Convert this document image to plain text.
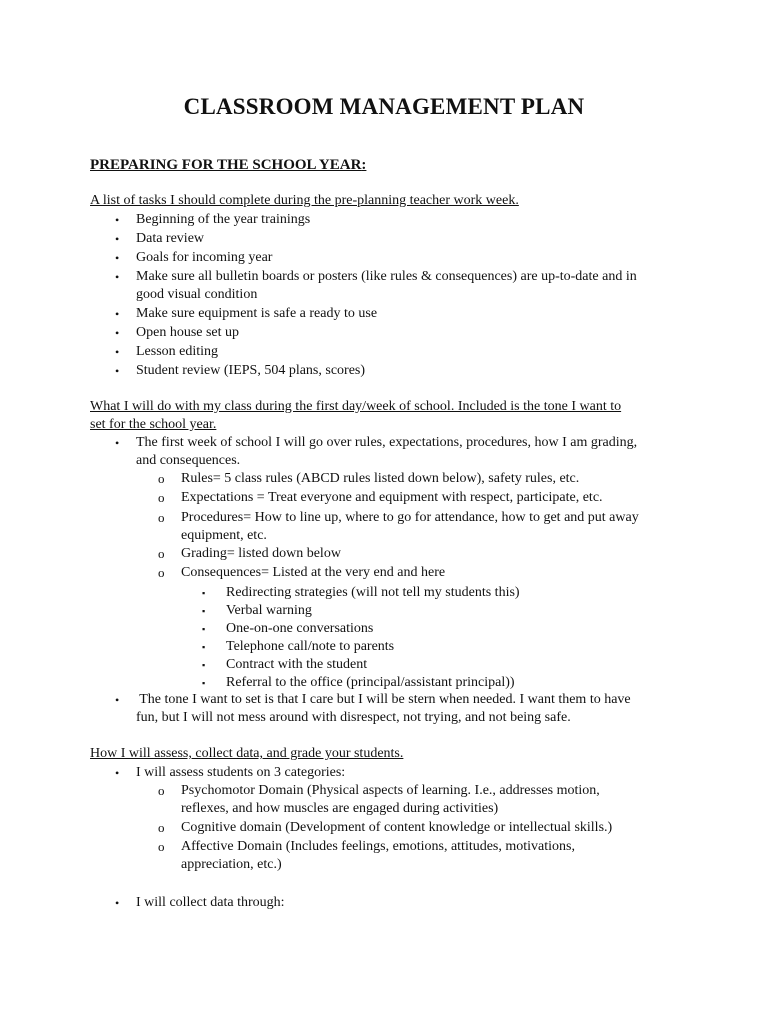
CLASSROOM MANAGEMENT PLAN
PREPARING FOR THE SCHOOL YEAR:
A list of tasks I should complete during the pre-planning teacher work week.
• Beginning of the year trainings
• Data review
• Goals for incoming year
• Make sure all bulletin boards or posters (like rules & consequences) are up-to-date and in
good visual condition
• Make sure equipment is safe a ready to use
• Open house set up
• Lesson editing
• Student review (IEPS, 504 plans, scores)
What I will do with my class during the first day/week of school. Included is the tone I want to
set for the school year.
• The first week of school I will go over rules, expectations, procedures, how I am grading,
and consequences.
o Rules= 5 class rules (ABCD rules listed down below), safety rules, etc.
o Expectations = Treat everyone and equipment with respect, participate, etc.
o Procedures= How to line up, where to go for attendance, how to get and put away
equipment, etc.
o Grading= listed down below
o Consequences= Listed at the very end and here
▪ Redirecting strategies (will not tell my students this)
▪ Verbal warning
▪ One-on-one conversations
▪ Telephone call/note to parents
▪ Contract with the student
▪ Referral to the office (principal/assistant principal))
• The tone I want to set is that I care but I will be stern when needed. I want them to have
fun, but I will not mess around with disrespect, not trying, and not being safe.
How I will assess, collect data, and grade your students.
• I will assess students on 3 categories:
o Psychomotor Domain (Physical aspects of learning. I.e., addresses motion,
reflexes, and how muscles are engaged during activities)
o Cognitive domain (Development of content knowledge or intellectual skills.)
o Affective Domain (Includes feelings, emotions, attitudes, motivations,
appreciation, etc.)
• I will collect data through:
